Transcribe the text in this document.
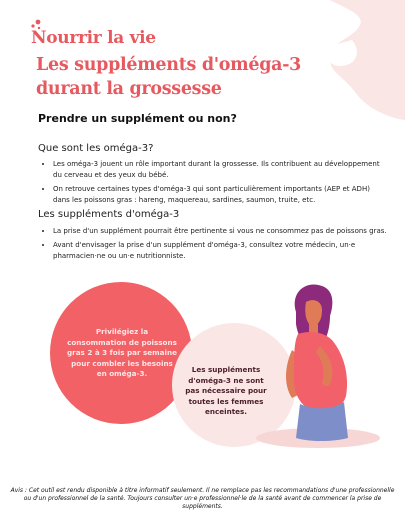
Nourrir la vie
Les suppléments d'oméga-3 durant la grossesse
Prendre un supplément ou non?
Que sont les oméga-3?
• Les oméga-3 jouent un rôle important durant la grossesse. Ils contribuent au développement du cerveau et des yeux du bébé.
• On retrouve certaines types d'oméga-3 qui sont particulièrement importants (AEP et ADH) dans les poissons gras : hareng, maquereau, sardines, saumon, truite, etc.
Les suppléments d'oméga-3
• La prise d'un supplément pourrait être pertinente si vous ne consommez pas de poissons gras.
• Avant d'envisager la prise d'un supplément d'oméga-3, consultez votre médecin, un·e pharmacien·ne ou un·e nutritionniste.
Privilégiez la consommation de poissons gras 2 à 3 fois par semaine pour combler les besoins en oméga-3.	Les suppléments d'oméga-3 ne sont pas nécessaire pour toutes les femmes enceintes.
Avis : Cet outil est rendu disponible à titre informatif seulement. Il ne remplace pas les recommandations d'une professionnelle ou d'un professionnel de la santé. Toujours consulter un·e professionnel·le de la santé avant de commencer la prise de suppléments.
